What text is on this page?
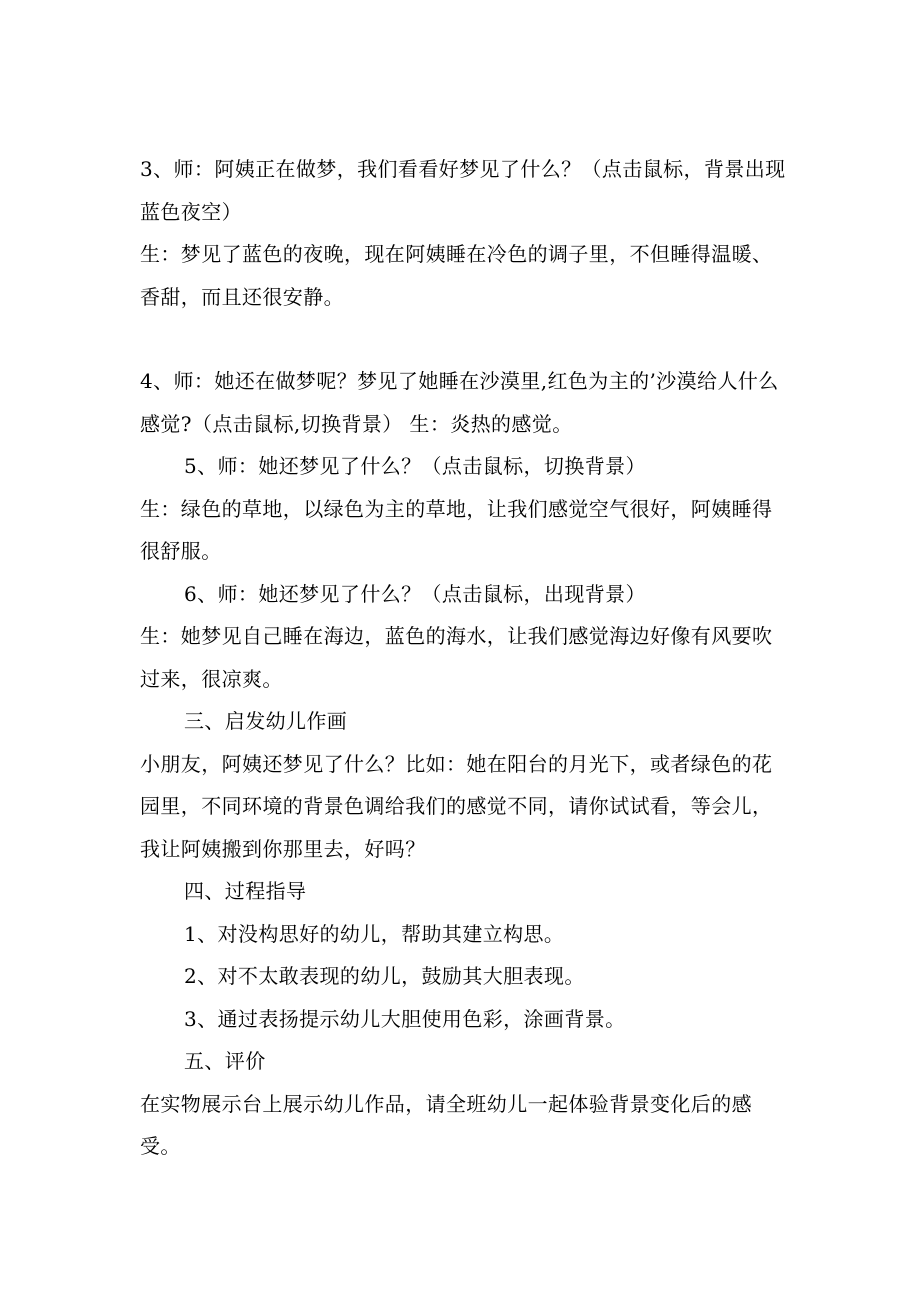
3、师：阿姨正在做梦，我们看看好梦见了什么？（点击鼠标，背景出现蓝色夜空）

生：梦见了蓝色的夜晚，现在阿姨睡在冷色的调子里，不但睡得温暖、香甜，而且还很安静。

4、师：她还在做梦呢？梦见了她睡在沙漠里,红色为主的’沙漠给人什么感觉?（点击鼠标,切换背景） 生：炎热的感觉。

5、师：她还梦见了什么？（点击鼠标，切换背景）

生：绿色的草地，以绿色为主的草地，让我们感觉空气很好，阿姨睡得很舒服。

6、师：她还梦见了什么？（点击鼠标，出现背景）

生：她梦见自己睡在海边，蓝色的海水，让我们感觉海边好像有风要吹过来，很凉爽。

三、启发幼儿作画

小朋友，阿姨还梦见了什么？比如：她在阳台的月光下，或者绿色的花园里，不同环境的背景色调给我们的感觉不同，请你试试看，等会儿，我让阿姨搬到你那里去，好吗？

四、过程指导

1、对没构思好的幼儿，帮助其建立构思。

2、对不太敢表现的幼儿，鼓励其大胆表现。

3、通过表扬提示幼儿大胆使用色彩，涂画背景。

五、评价

在实物展示台上展示幼儿作品，请全班幼儿一起体验背景变化后的感受。
